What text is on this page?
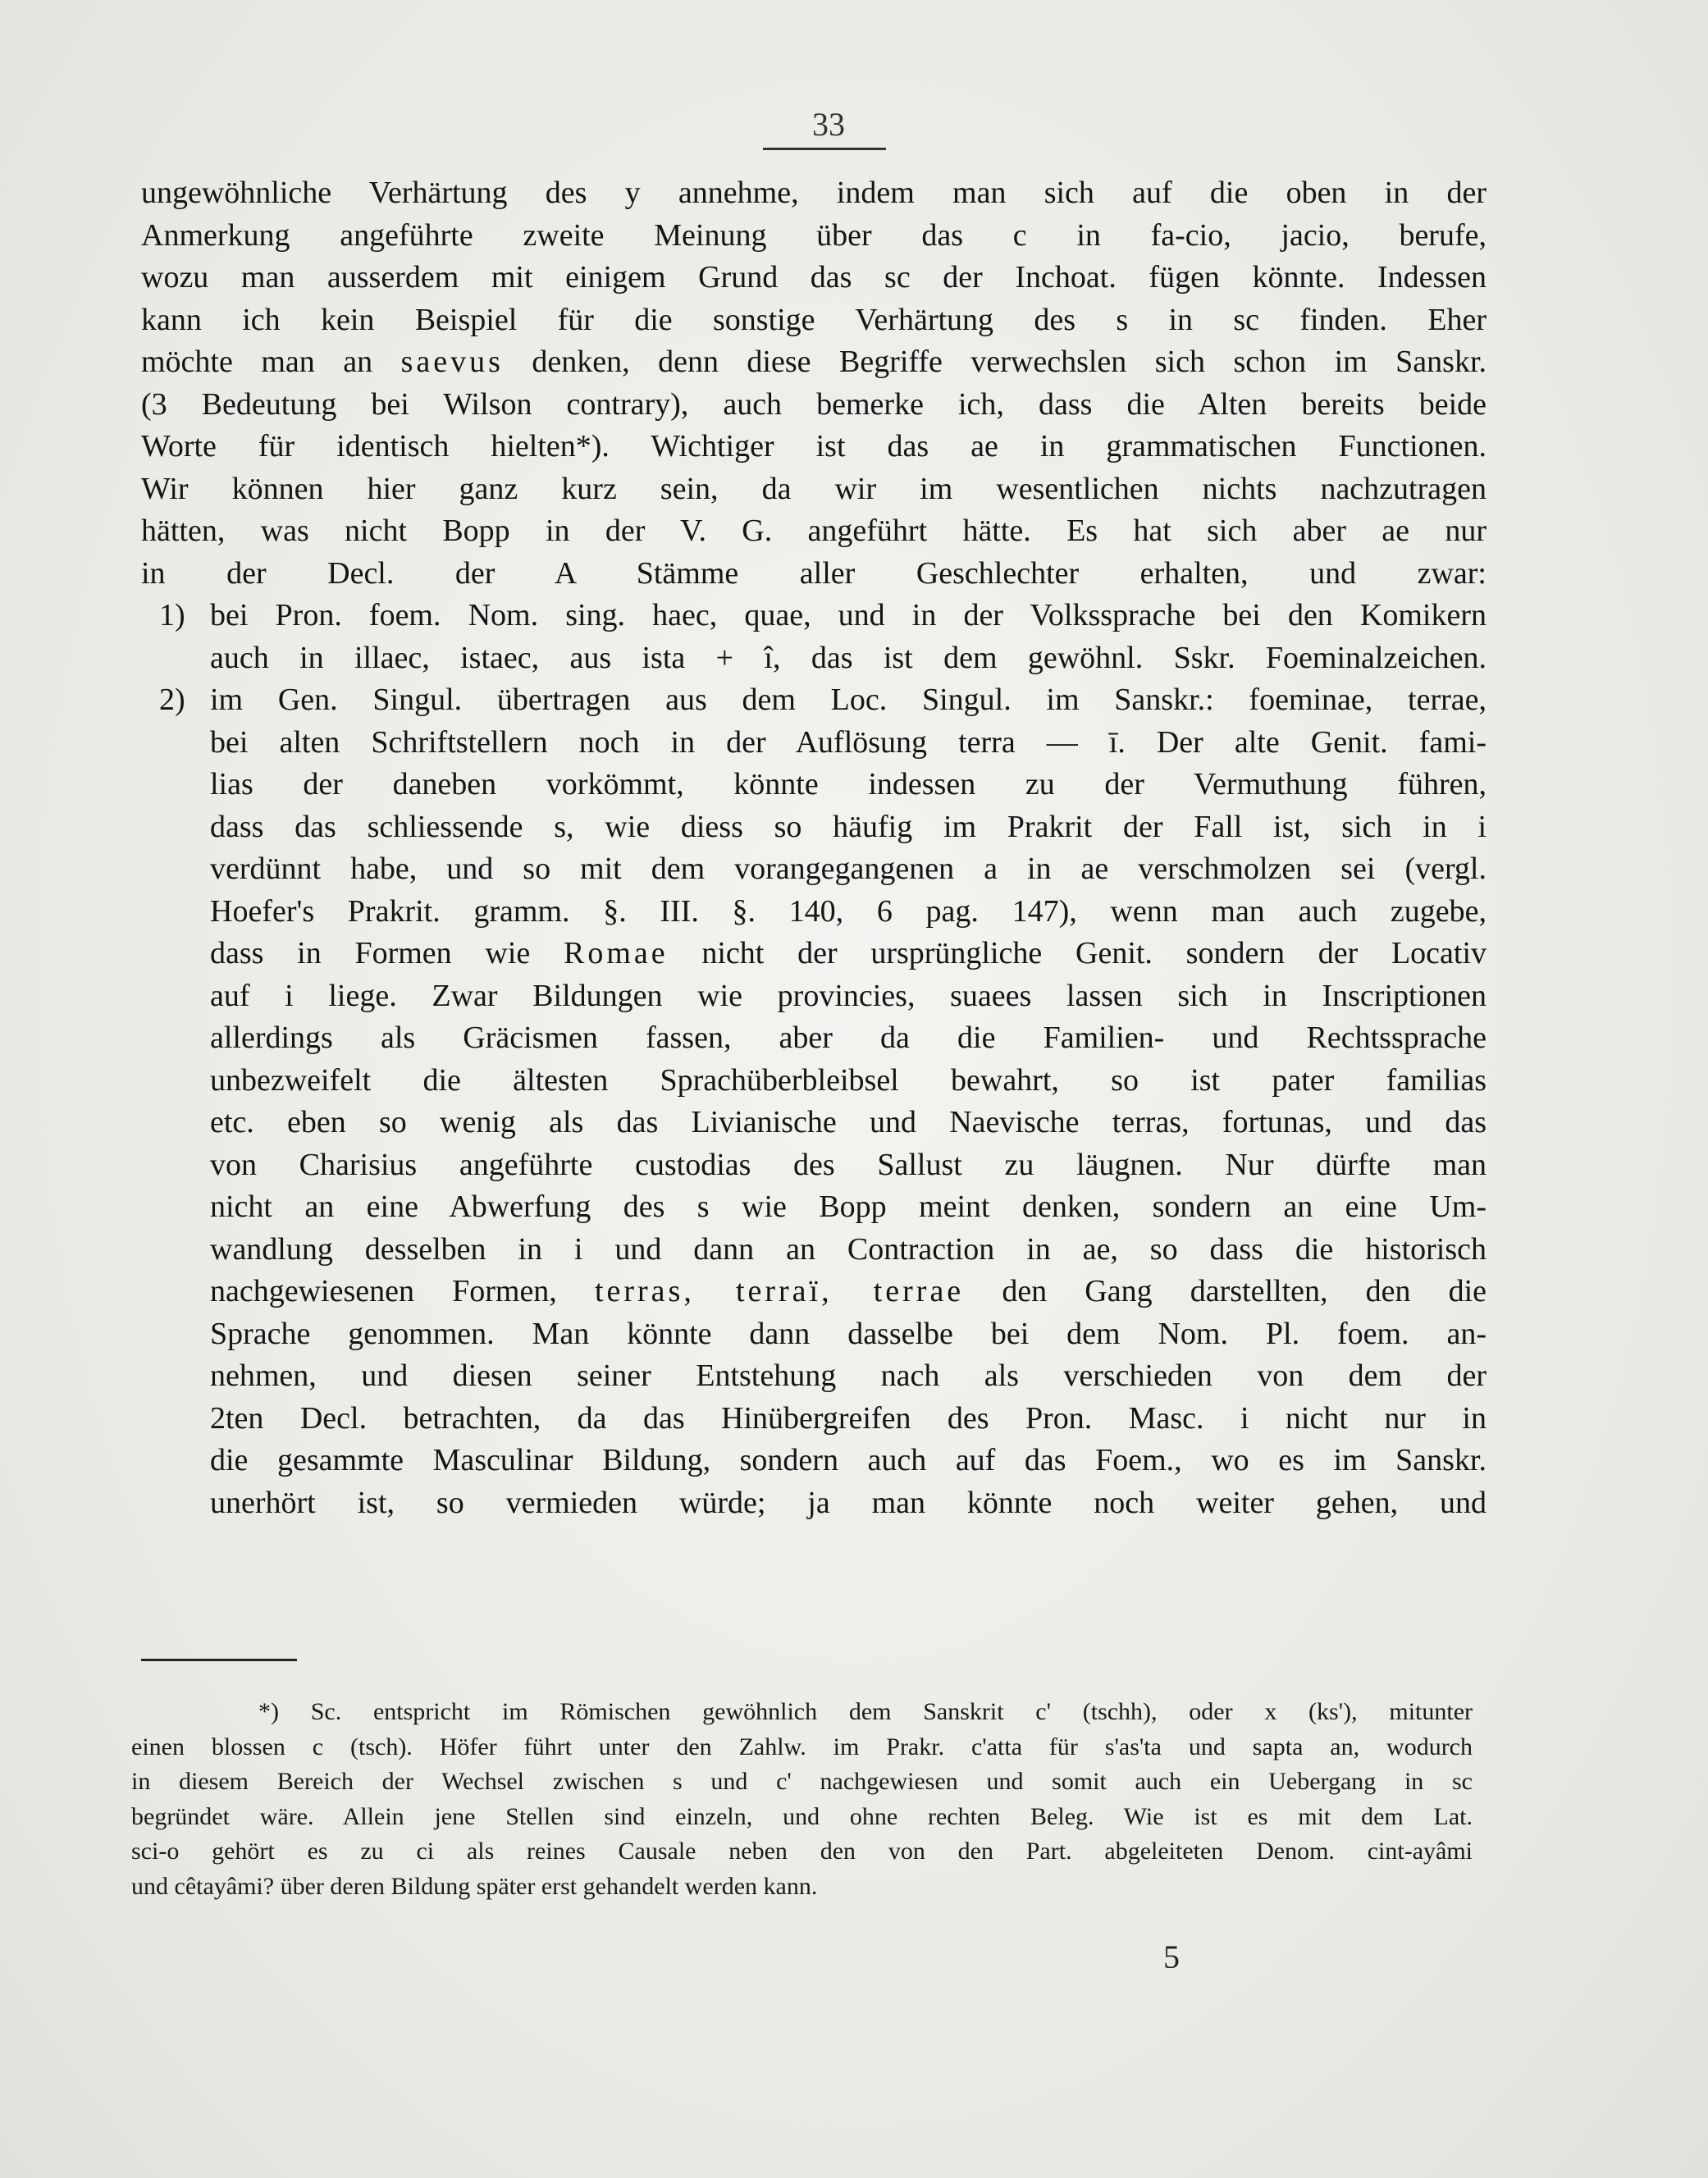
33
ungewöhnliche Verhärtung des y annehme, indem man sich auf die oben in der
Anmerkung angeführte zweite Meinung über das c in fa-cio, jacio, berufe,
wozu man ausserdem mit einigem Grund das sc der Inchoat. fügen könnte. Indessen
kann ich kein Beispiel für die sonstige Verhärtung des s in sc finden. Eher
möchte man an saevus denken, denn diese Begriffe verwechslen sich schon im Sanskr.
(3 Bedeutung bei Wilson contrary), auch bemerke ich, dass die Alten bereits beide
Worte für identisch hielten*). Wichtiger ist das ae in grammatischen Functionen.
Wir können hier ganz kurz sein, da wir im wesentlichen nichts nachzutragen
hätten, was nicht Bopp in der V. G. angeführt hätte. Es hat sich aber ae nur
in der Decl. der A Stämme aller Geschlechter erhalten, und zwar:
1) bei Pron. foem. Nom. sing. haec, quae, und in der Volkssprache bei den Komikern
auch in illaec, istaec, aus ista + î, das ist dem gewöhnl. Sskr. Foeminalzeichen.
2) im Gen. Singul. übertragen aus dem Loc. Singul. im Sanskr.: foeminae, terrae,
bei alten Schriftstellern noch in der Auflösung terra — ī. Der alte Genit. fami-
lias der daneben vorkömmt, könnte indessen zu der Vermuthung führen,
dass das schliessende s, wie diess so häufig im Prakrit der Fall ist, sich in i
verdünnt habe, und so mit dem vorangegangenen a in ae verschmolzen sei (vergl.
Hoefer's Prakrit. gramm. §. III. §. 140, 6 pag. 147), wenn man auch zugebe,
dass in Formen wie Romae nicht der ursprüngliche Genit. sondern der Locativ
auf i liege. Zwar Bildungen wie provincies, suaees lassen sich in Inscriptionen
allerdings als Gräcismen fassen, aber da die Familien- und Rechtssprache
unbezweifelt die ältesten Sprachüberbleibsel bewahrt, so ist pater familias
etc. eben so wenig als das Livianische und Naevische terras, fortunas, und das
von Charisius angeführte custodias des Sallust zu läugnen. Nur dürfte man
nicht an eine Abwerfung des s wie Bopp meint denken, sondern an eine Um-
wandlung desselben in i und dann an Contraction in ae, so dass die historisch
nachgewiesenen Formen, terras, terraï, terrae den Gang darstellten, den die
Sprache genommen. Man könnte dann dasselbe bei dem Nom. Pl. foem. an-
nehmen, und diesen seiner Entstehung nach als verschieden von dem der
2ten Decl. betrachten, da das Hinübergreifen des Pron. Masc. i nicht nur in
die gesammte Masculinar Bildung, sondern auch auf das Foem., wo es im Sanskr.
unerhört ist, so vermieden würde; ja man könnte noch weiter gehen, und
*) Sc. entspricht im Römischen gewöhnlich dem Sanskrit c' (tschh), oder x (ks'), mitunter
einen blossen c (tsch). Höfer führt unter den Zahlw. im Prakr. c'atta für s'as'ta und sapta an, wodurch
in diesem Bereich der Wechsel zwischen s und c' nachgewiesen und somit auch ein Uebergang in sc
begründet wäre. Allein jene Stellen sind einzeln, und ohne rechten Beleg. Wie ist es mit dem Lat.
sci-o gehört es zu ci als reines Causale neben den von den Part. abgeleiteten Denom. cint-ayâmi
und cêtayâmi? über deren Bildung später erst gehandelt werden kann.
5
